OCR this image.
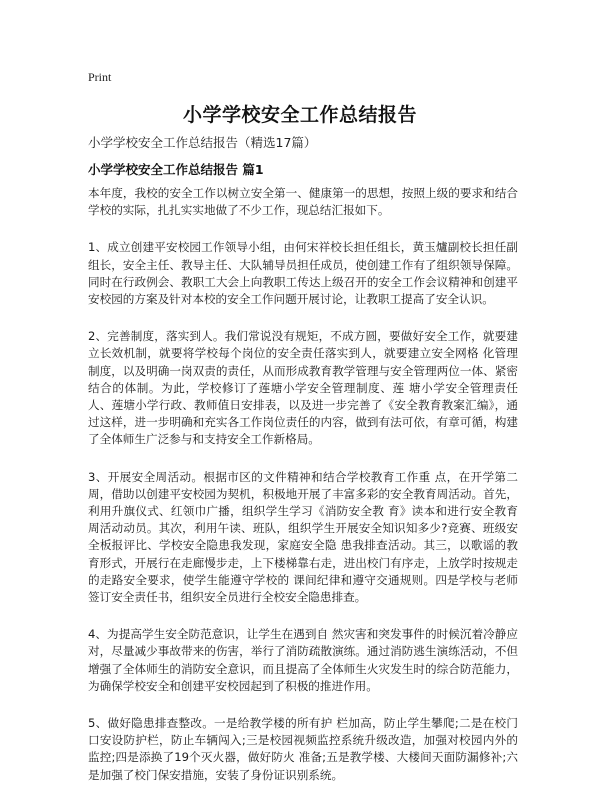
Print
小学学校安全工作总结报告
小学学校安全工作总结报告（精选17篇）
小学学校安全工作总结报告 篇1

本年度，我校的安全工作以树立安全第一、健康第一的思想，按照上级的要求和结合学校的实际，扎扎实实地做了不少工作，现总结汇报如下。

1、成立创建平安校园工作领导小组，由何宋祥校长担任组长，黄玉爐副校长担任副组长，安全主任、教导主任、大队辅导员担任成员，使创建工作有了组织领导保障。同时在行政例会、教职工大会上向教职工传达上级召开的安全工作会议精神和创建平安校园的方案及针对本校的安全工作问题开展讨论，让教职工提高了安全认识。

2、完善制度，落实到人。我们常说没有规矩，不成方圆，要做好安全工作，就要建立长效机制，就要将学校每个岗位的安全责任落实到人，就要建立安全网格 化管理制度，以及明确一岗双责的责任，从而形成教育教学管理与安全管理两位一体、紧密结合的体制。为此，学校修订了莲塘小学安全管理制度、莲 塘小学安全管理责任人、莲塘小学行政、教师值日安排表，以及进一步完善了《安全教育教案汇编》，通过这样，进一步明确和充实各工作岗位责任的内容，做到有法可依，有章可循，构建了全体师生广泛参与和支持安全工作新格局。

3、开展安全周活动。根据市区的文件精神和结合学校教育工作重 点，在开学第二周，借助以创建平安校园为契机，积极地开展了丰富多彩的安全教育周活动。首先，利用升旗仪式、红领巾广播，组织学生学习《消防安全教 育》读本和进行安全教育周活动动员。其次，利用午读、班队，组织学生开展安全知识知多少?竞赛、班级安全板报评比、学校安全隐患我发现，家庭安全隐 患我排查活动。其三，以歌谣的教育形式，开展行在走廊慢步走，上下楼梯靠右走，进出校门有序走，上放学时按规走的走路安全要求，使学生能遵守学校的 课间纪律和遵守交通规则。四是学校与老师签订安全责任书，组织安全员进行全校安全隐患排查。

4、为提高学生安全防范意识，让学生在遇到自 然灾害和突发事件的时候沉着冷静应对，尽量减少事故带来的伤害，举行了消防疏散演练。通过消防逃生演练活动，不但增强了全体师生的消防安全意识，而且提高了全体师生火灾发生时的综合防范能力，为确保学校安全和创建平安校园起到了积极的推进作用。

5、做好隐患排查整改。一是给教学楼的所有护 栏加高，防止学生攀爬;二是在校门口安设防护栏，防止车辆闯入;三是校园视频监控系统升级改造，加强对校园内外的监控;四是添换了19个灭火器，做好防火 准备;五是教学楼、大楼间天面防漏修补;六是加强了校门保安措施，安装了身份证识别系统。
